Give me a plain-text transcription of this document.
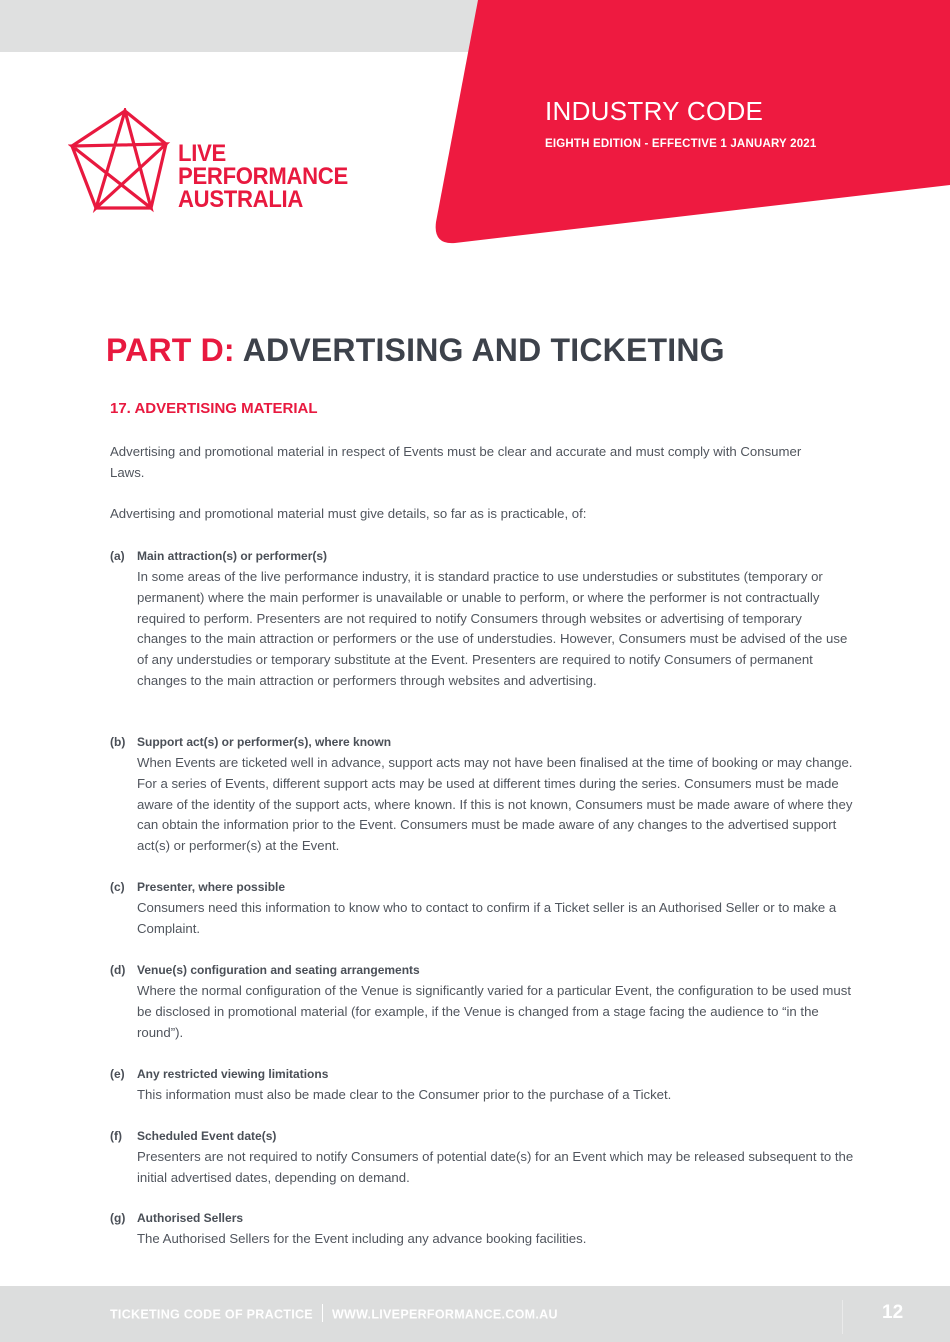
INDUSTRY CODE
EIGHTH EDITION - EFFECTIVE 1 JANUARY 2021
LIVE
PERFORMANCE
AUSTRALIA
PART D: ADVERTISING AND TICKETING
17. ADVERTISING MATERIAL
Advertising and promotional material in respect of Events must be clear and accurate and must comply with Consumer Laws.
Advertising and promotional material must give details, so far as is practicable, of:
(a) Main attraction(s) or performer(s)
In some areas of the live performance industry, it is standard practice to use understudies or substitutes (temporary or permanent) where the main performer is unavailable or unable to perform, or where the performer is not contractually required to perform. Presenters are not required to notify Consumers through websites or advertising of temporary changes to the main attraction or performers or the use of understudies. However, Consumers must be advised of the use of any understudies or temporary substitute at the Event. Presenters are required to notify Consumers of permanent changes to the main attraction or performers through websites and advertising.
(b) Support act(s) or performer(s), where known
When Events are ticketed well in advance, support acts may not have been finalised at the time of booking or may change. For a series of Events, different support acts may be used at different times during the series. Consumers must be made aware of the identity of the support acts, where known. If this is not known, Consumers must be made aware of where they can obtain the information prior to the Event. Consumers must be made aware of any changes to the advertised support act(s) or performer(s) at the Event.
(c) Presenter, where possible
Consumers need this information to know who to contact to confirm if a Ticket seller is an Authorised Seller or to make a Complaint.
(d) Venue(s) configuration and seating arrangements
Where the normal configuration of the Venue is significantly varied for a particular Event, the configuration to be used must be disclosed in promotional material (for example, if the Venue is changed from a stage facing the audience to “in the round”).
(e) Any restricted viewing limitations
This information must also be made clear to the Consumer prior to the purchase of a Ticket.
(f) Scheduled Event date(s)
Presenters are not required to notify Consumers of potential date(s) for an Event which may be released subsequent to the initial advertised dates, depending on demand.
(g) Authorised Sellers
The Authorised Sellers for the Event including any advance booking facilities.
TICKETING CODE OF PRACTICE WWW.LIVEPERFORMANCE.COM.AU	12
